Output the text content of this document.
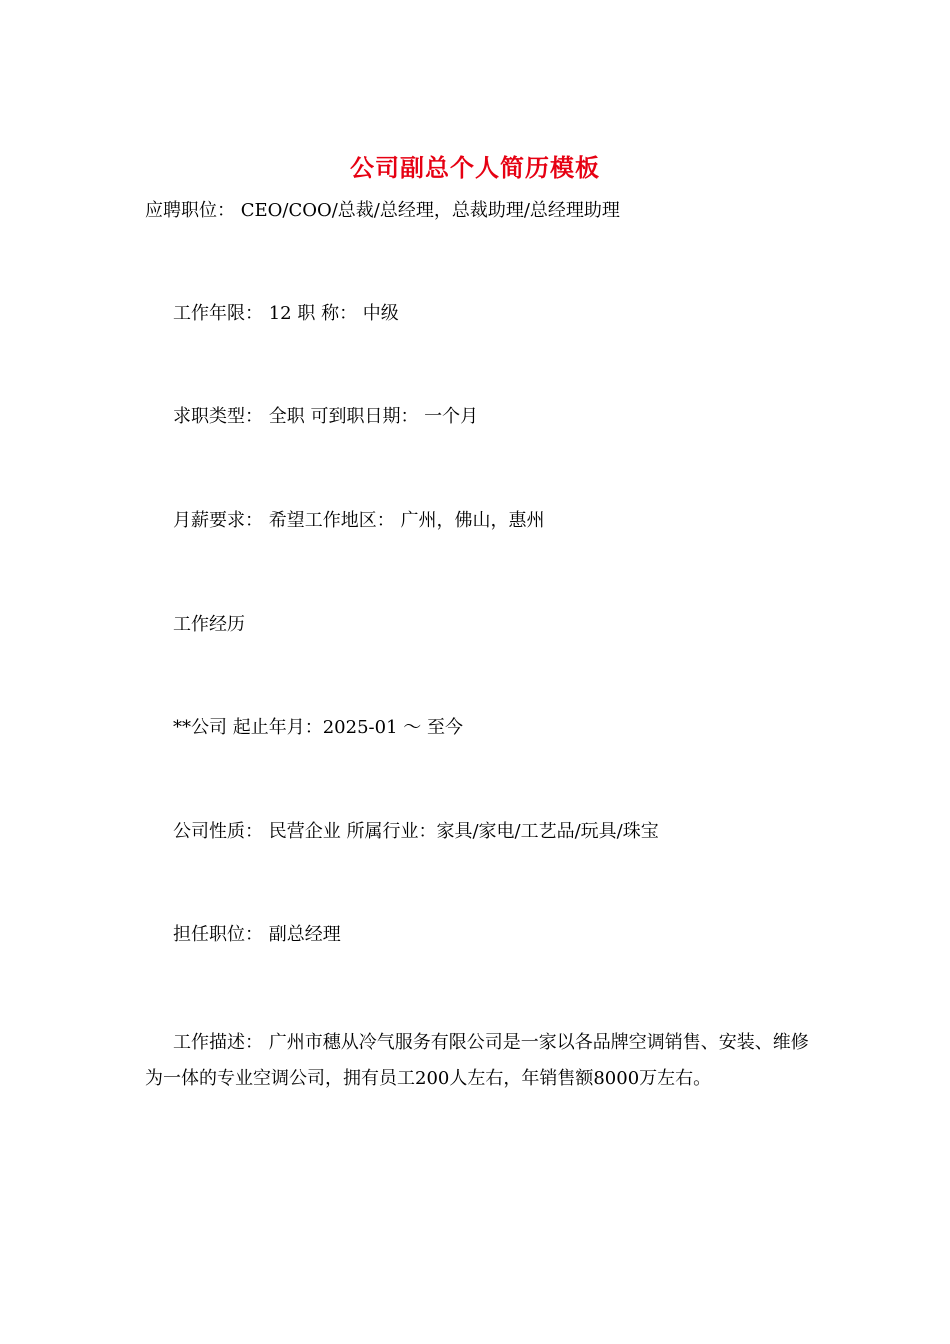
公司副总个人简历模板
应聘职位： CEO/COO/总裁/总经理，总裁助理/总经理助理
工作年限： 12 职 称： 中级
求职类型： 全职 可到职日期： 一个月
月薪要求： 希望工作地区： 广州，佛山，惠州
工作经历
**公司 起止年月：2025-01 ～ 至今
公司性质： 民营企业 所属行业：家具/家电/工艺品/玩具/珠宝
担任职位： 副总经理
工作描述： 广州市穗从冷气服务有限公司是一家以各品牌空调销售、安装、维修为一体的专业空调公司，拥有员工200人左右，年销售额8000万左右。
